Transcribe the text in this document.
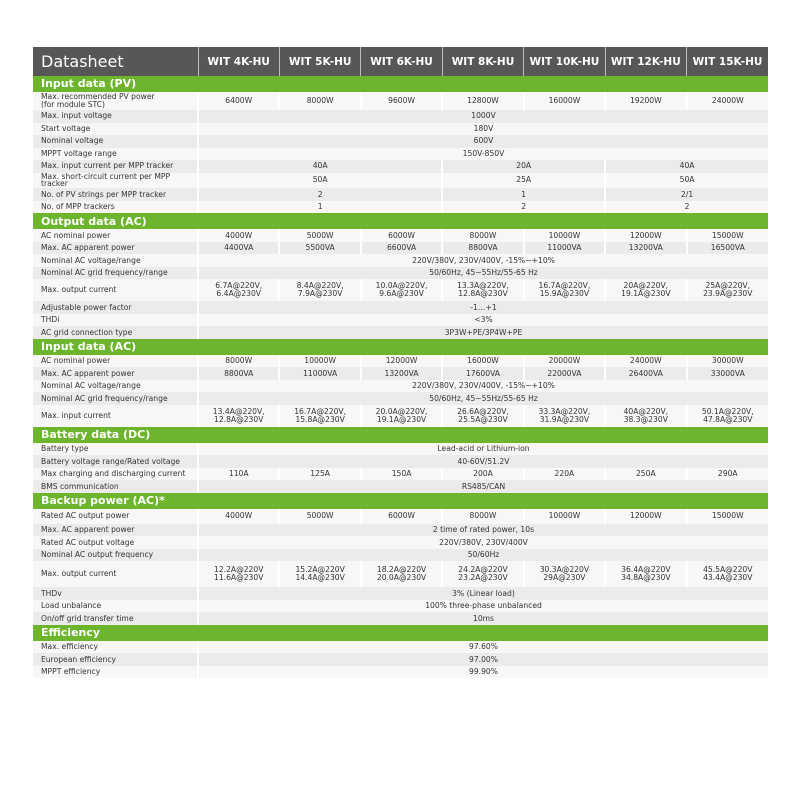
Datasheet	WIT 4K-HU	WIT 5K-HU	WIT 6K-HU	WIT 8K-HU	WIT 10K-HU	WIT 12K-HU	WIT 15K-HU
Input data (PV)							

Max. recommended PV power
(for module STC)	6400W	8000W	9600W	12800W	16000W	19200W	24000W
Max. input voltage	1000V						
Start voltage	180V						
Nominal voltage	600V						
MPPT voltage range	150V-850V						
Max. input current per MPP tracker	40A			20A		40A	
Max. short-circuit current per MPP tracker	50A			25A		50A	
No. of PV strings per MPP tracker	2			1		2/1	
No. of MPP trackers	1			2		2	
Output data (AC)							
AC nominal power	4000W	5000W	6000W	8000W	10000W	12000W	15000W
Max. AC apparent power	4400VA	5500VA	6600VA	8800VA	11000VA	13200VA	16500VA
Nominal AC voltage/range	220V/380V, 230V/400V, -15%~+10%						
Nominal AC grid frequency/range	50/60Hz, 45~55Hz/55-65 Hz						
Max. output current	6.7A@220V,
6.4A@230V	8.4A@220V,
7.9A@230V	10.0A@220V,
9.6A@230V	13.3A@220V,
12.8A@230V	16.7A@220V,
15.9A@230V	20A@220V,
19.1A@230V	25A@220V,
23.9A@230V

Adjustable power factor	-1…+1						
THDi	<3%						
AC grid connection type	3P3W+PE/3P4W+PE						
Input data (AC)							
AC nominal power	8000W	10000W	12000W	16000W	20000W	24000W	30000W
Max. AC apparent power	8800VA	11000VA	13200VA	17600VA	22000VA	26400VA	33000VA
Nominal AC voltage/range	220V/380V, 230V/400V, -15%~+10%						
Nominal AC grid frequency/range	50/60Hz, 45~55Hz/55-65 Hz						
Max. input current	13.4A@220V,
12.8A@230V	16.7A@220V,
15.8A@230V	20.0A@220V,
19.1A@230V	26.6A@220V,
25.5A@230V	33.3A@220V,
31.9A@230V	40A@220V,
38.3@230V	50.1A@220V,
47.8A@230V

Battery data (DC)							
Battery type	Lead-acid or Lithium-ion						
Battery voltage range/Rated voltage	40-60V/51.2V						
Max charging and discharging current	110A	125A	150A	200A	220A	250A	290A
BMS communication	RS485/CAN						
Backup power (AC)*							
Rated AC output power	4000W	5000W	6000W	8000W	10000W	12000W	15000W
Max. AC apparent power	2 time of rated power, 10s						
Rated AC output voltage	220V/380V, 230V/400V						
Nominal AC output frequency	50/60Hz						
Max. output current	12.2A@220V
11.6A@230V	15.2A@220V
14.4A@230V	18.2A@220V
20.0A@230V	24.2A@220V
23.2A@230V	30.3A@220V
29A@230V	36.4A@220V
34.8A@230V	45.5A@220V
43.4A@230V

THDv	3% (Linear load)						
Load unbalance	100% three-phase unbalanced						
On/off grid transfer time	10ms						
Efficiency							
Max. efficiency	97.60%						
European efficiency	97.00%						
MPPT efficiency	99.90%						
